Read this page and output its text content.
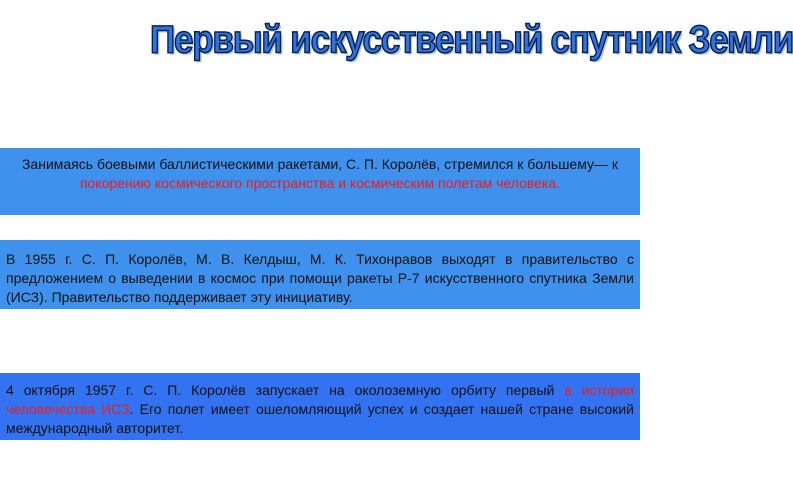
Первый искусственный спутник Земли
Занимаясь боевыми баллистическими ракетами, С. П. Королёв, стремился к большему— к покорению космического пространства и космическим полетам человека.
В 1955 г. С. П. Королёв, М. В. Келдыш, М. К. Тихонравов выходят в правительство с предложением о выведении в космос при помощи ракеты Р-7 искусственного спутника Земли (ИСЗ). Правительство поддерживает эту инициативу.
4 октября 1957 г. С. П. Королёв запускает на околоземную орбиту первый в истории человечества ИСЗ. Его полет имеет ошеломляющий успех и создает нашей стране высокий международный авторитет.
